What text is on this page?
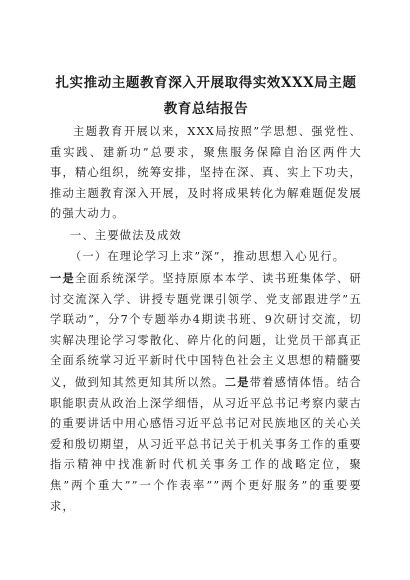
扎实推动主题教育深入开展取得实效XXX局主题教育总结报告
主题教育开展以来，XXX局按照”学思想、强党性、重实践、建新功”总要求，聚焦服务保障自治区两件大事，精心组织，统筹安排，坚持在深、真、实上下功夫，推动主题教育深入开展，及时将成果转化为解难题促发展的强大动力。
一、主要做法及成效
（一）在理论学习上求”深”，推动思想入心见行。
一是全面系统深学。坚持原原本本学、读书班集体学、研讨交流深入学、讲授专题党课引领学、党支部跟进学”五学联动”，分7个专题举办4期读书班、9次研讨交流，切实解决理论学习零散化、碎片化的问题，让党员干部真正全面系统掌习近平新时代中国特色社会主义思想的精髓要义，做到知其然更知其所以然。二是带着感情体悟。结合职能职责从政治上深学细悟，从习近平总书记考察内蒙古的重要讲话中用心感悟习近平总书记对民族地区的关心关爱和殷切期望，从习近平总书记关于机关事务工作的重要指示精神中找准新时代机关事务工作的战略定位，聚焦”两个重大””一个作表率””两个更好服务”的重要要求，
